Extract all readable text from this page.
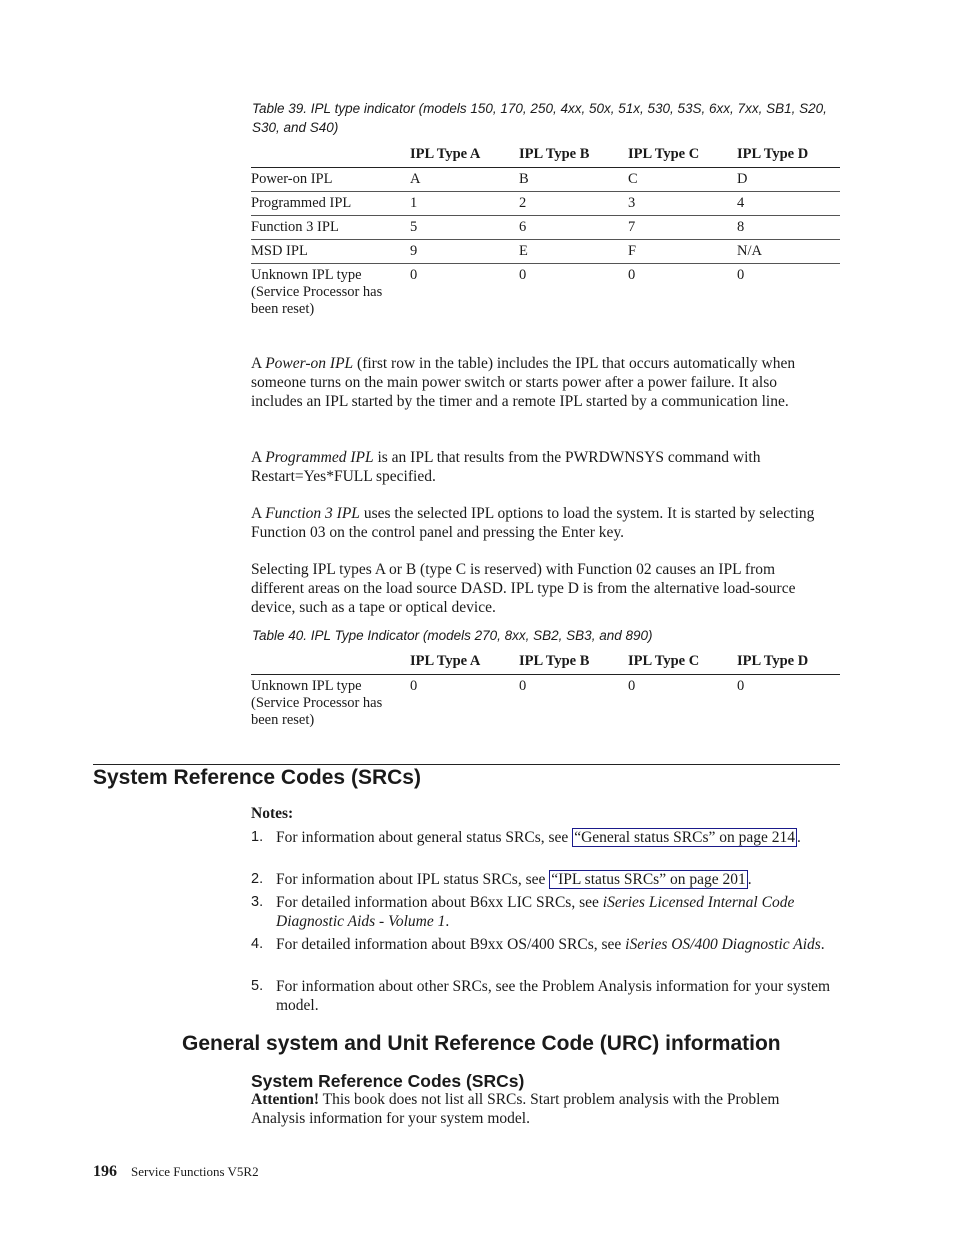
Table 39. IPL type indicator (models 150, 170, 250, 4xx, 50x, 51x, 530, 53S, 6xx, 7xx, SB1, S20, S30, and S40)
	IPL Type A	IPL Type B	IPL Type C	IPL Type D
Power-on IPL	A	B	C	D
Programmed IPL	1	2	3	4
Function 3 IPL	5	6	7	8
MSD IPL	9	E	F	N/A
Unknown IPL type (Service Processor has been reset)	0	0	0	0
A Power-on IPL (first row in the table) includes the IPL that occurs automatically when someone turns on the main power switch or starts power after a power failure. It also includes an IPL started by the timer and a remote IPL started by a communication line.
A Programmed IPL is an IPL that results from the PWRDWNSYS command with Restart=Yes*FULL specified.
A Function 3 IPL uses the selected IPL options to load the system. It is started by selecting Function 03 on the control panel and pressing the Enter key.
Selecting IPL types A or B (type C is reserved) with Function 02 causes an IPL from different areas on the load source DASD. IPL type D is from the alternative load-source device, such as a tape or optical device.
Table 40. IPL Type Indicator (models 270, 8xx, SB2, SB3, and 890)
	IPL Type A	IPL Type B	IPL Type C	IPL Type D
Unknown IPL type (Service Processor has been reset)	0	0	0	0
System Reference Codes (SRCs)
Notes:
1. For information about general status SRCs, see “General status SRCs” on page 214 .
2. For information about IPL status SRCs, see “IPL status SRCs” on page 201 .
3. For detailed information about B6xx LIC SRCs, see iSeries Licensed Internal Code Diagnostic Aids - Volume 1.
4. For detailed information about B9xx OS/400 SRCs, see iSeries OS/400 Diagnostic Aids.
5. For information about other SRCs, see the Problem Analysis information for your system model.
General system and Unit Reference Code (URC) information
System Reference Codes (SRCs)
Attention! This book does not list all SRCs. Start problem analysis with the Problem Analysis information for your system model.
196 Service Functions V5R2
